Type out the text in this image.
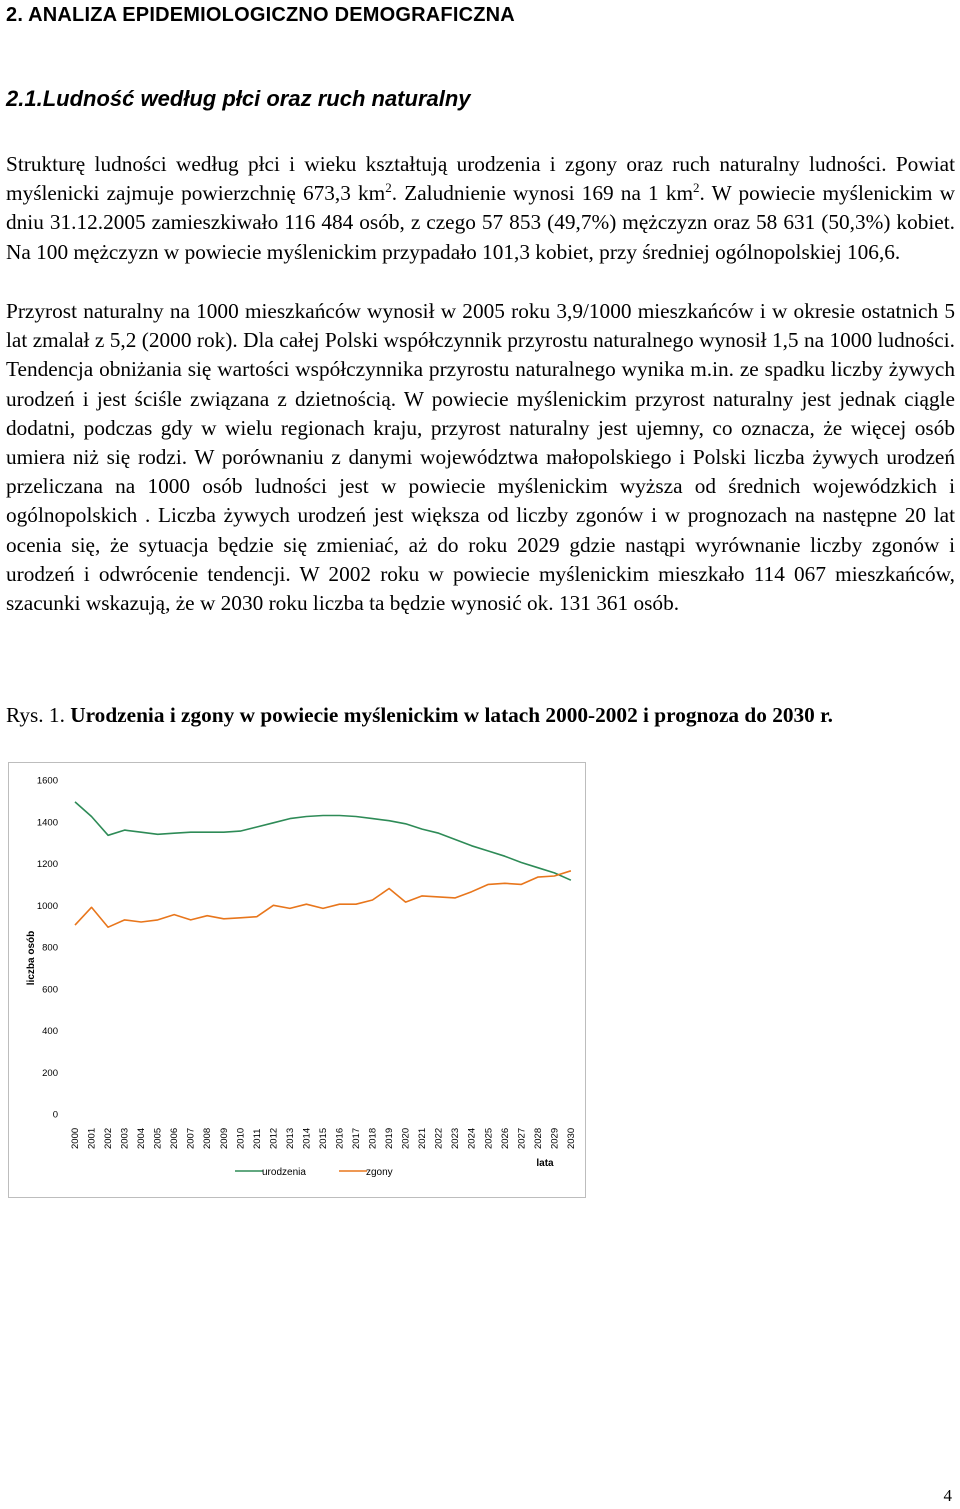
2. ANALIZA EPIDEMIOLOGICZNO DEMOGRAFICZNA
2.1.Ludność według płci oraz ruch naturalny

Strukturę ludności według płci i wieku kształtują urodzenia i zgony oraz ruch naturalny ludności. Powiat myślenicki zajmuje powierzchnię 673,3 $km^2$. Zaludnienie wynosi 169 na 1 $km^2$. W powiecie myślenickim w dniu 31.12.2005 zamieszkiwało 116 484 osób, z czego 57 853 (49,7%) mężczyzn oraz 58 631 (50,3%) kobiet. Na 100 mężczyzn w powiecie myślenickim przypadało 101,3 kobiet, przy średniej ogólnopolskiej 106,6.

Przyrost naturalny na 1000 mieszkańców wynosił w 2005 roku 3,9/1000 mieszkańców i w okresie ostatnich 5 lat zmalał z 5,2 (2000 rok). Dla całej Polski współczynnik przyrostu naturalnego wynosił 1,5 na 1000 ludności. Tendencja obniżania się wartości współczynnika przyrostu naturalnego wynika m.in. ze spadku liczby żywych urodzeń i jest ściśle związana z dzietnością. W powiecie myślenickim przyrost naturalny jest jednak ciągle dodatni, podczas gdy w wielu regionach kraju, przyrost naturalny jest ujemny, co oznacza, że więcej osób umiera niż się rodzi. W porównaniu z danymi województwa małopolskiego i Polski liczba żywych urodzeń przeliczana na 1000 osób ludności jest w powiecie myślenickim wyższa od średnich wojewódzkich i ogólnopolskich . Liczba żywych urodzeń jest większa od liczby zgonów i w prognozach na następne 20 lat ocenia się, że sytuacja będzie się zmieniać, aż do roku 2029 gdzie nastąpi wyrównanie liczby zgonów i urodzeń i odwrócenie tendencji. W 2002 roku w powiecie myślenickim mieszkało 114 067 mieszkańców, szacunki wskazują, że w 2030 roku liczba ta będzie wynosić ok. 131 361 osób.

Rys. 1. Urodzenia i zgony w powiecie myślenickim w latach 2000-2002 i prognoza do 2030 r.

0
200
400
600
800
1000
1200
1400
1600
2000 2001 2002 2003 2004 2005 2006 2007 2008 2009 2010 2011 2012 2013 2014 2015 2016 2017 2018 2019 2020 2021 2022 2023 2024 2025 2026 2027 2028 2029 2030
liczba osób
lata
urodzenia	zgony
4
